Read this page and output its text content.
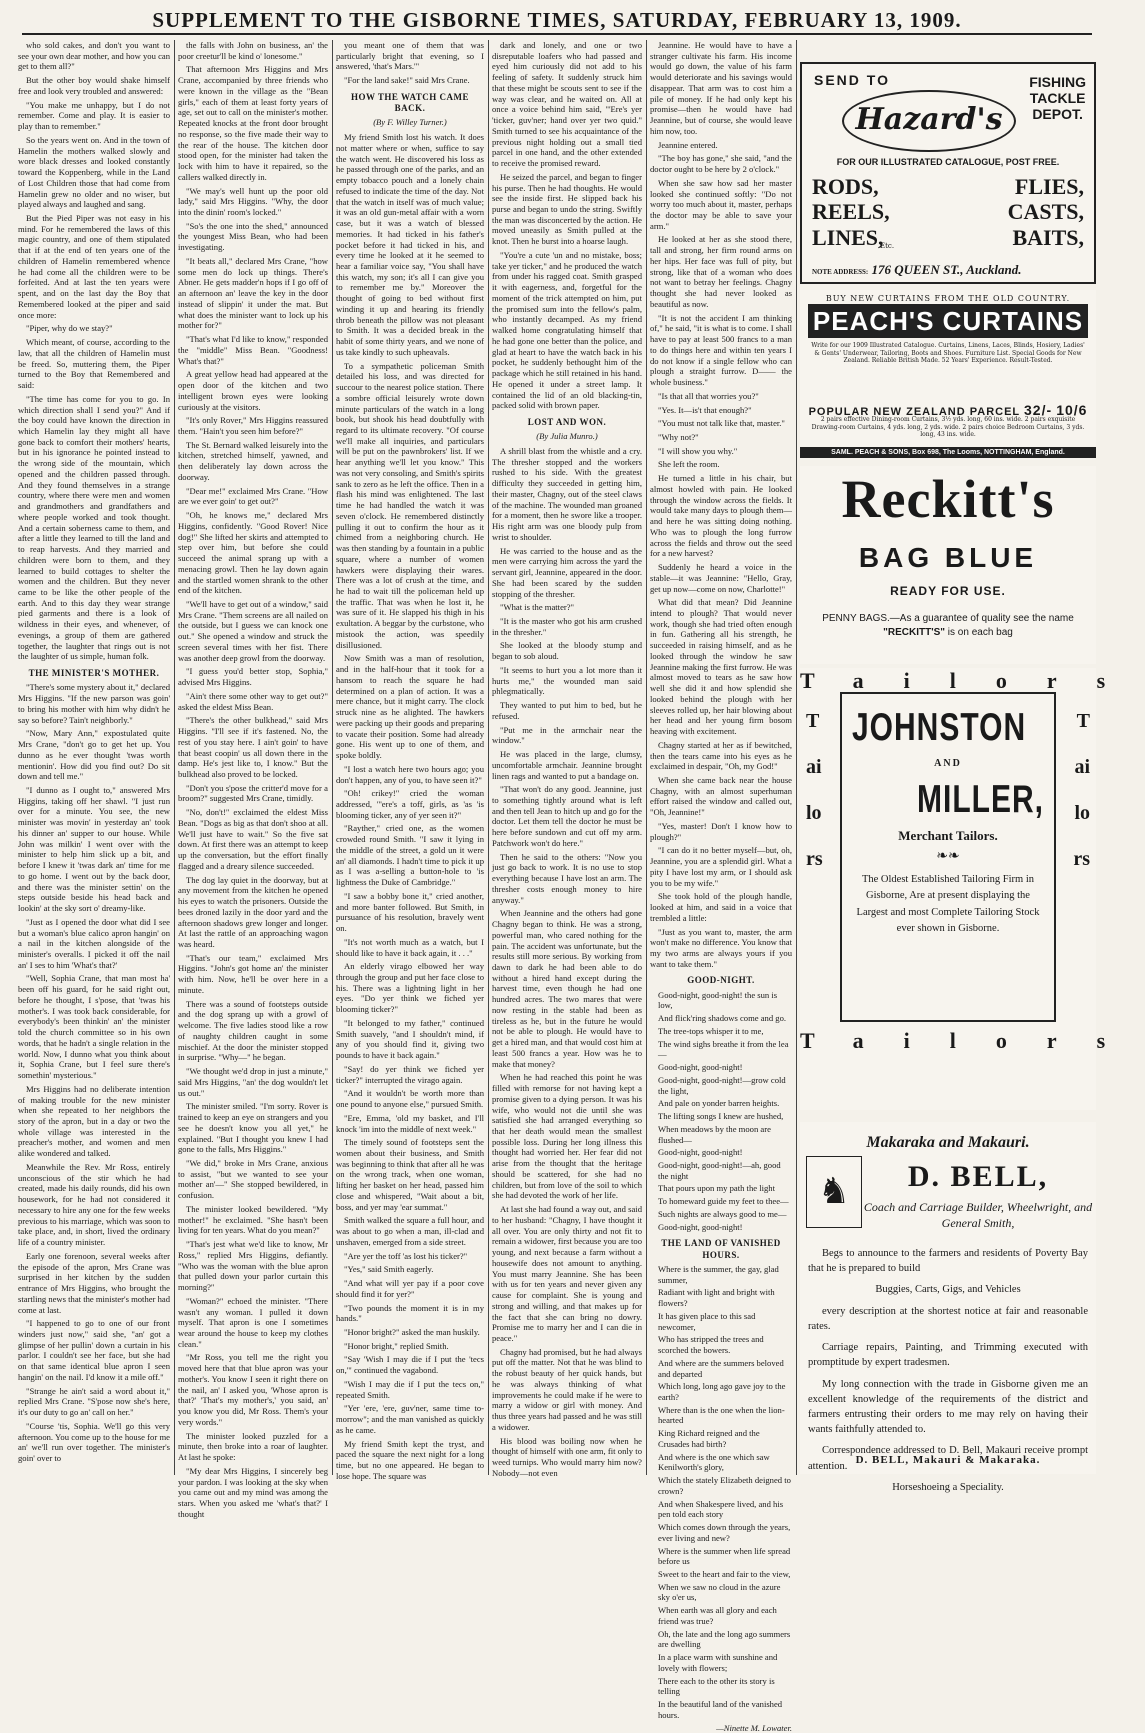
SUPPLEMENT TO THE GISBORNE TIMES, SATURDAY, FEBRUARY 13, 1909.

who sold cakes, and don't you want to see your own dear mother, and how you can get to them all?"

But the other boy would shake himself free and look very troubled and answered:

"You make me unhappy, but I do not remember. Come and play. It is easier to play than to remember."

So the years went on. And in the town of Hamelin the mothers walked slowly and wore black dresses and looked constantly toward the Koppenberg, while in the Land of Lost Children those that had come from Hamelin grew no older and no wiser, but played always and laughed and sang.

But the Pied Piper was not easy in his mind. For he remembered the laws of this magic country, and one of them stipulated that if at the end of ten years one of the children of Hamelin remembered whence he had come all the children were to be forfeited. And at last the ten years were spent, and on the last day the Boy that Remembered looked at the piper and said once more:

"Piper, why do we stay?"

Which meant, of course, according to the law, that all the children of Hamelin must be freed. So, muttering them, the Piper turned to the Boy that Remembered and said:

"The time has come for you to go. In which direction shall I send you?" And if the boy could have known the direction in which Hamelin lay they might all have gone back to comfort their mothers' hearts, but in his ignorance he pointed instead to the wrong side of the mountain, which opened and the children passed through. And they found themselves in a strange country, where there were men and women and grandmothers and grandfathers and where people worked and took thought. And a certain soberness came to them, and after a little they learned to till the land and to reap harvests. And they married and children were born to them, and they learned to build cottages to shelter the women and the children. But they never came to be like the other people of the earth. And to this day they wear strange pied garments and there is a look of wildness in their eyes, and whenever, of evenings, a group of them are gathered together, the laughter that rings out is not the laughter of us simple, human folk.

THE MINISTER'S MOTHER.

"There's some mystery about it," declared Mrs Higgins. "If the new parson was goin' to bring his mother with him why didn't he say so before? Tain't neighborly."

"Now, Mary Ann," expostulated quite Mrs Crane, "don't go to get het up. You dunno as he ever thought 'twas worth mentionin'. How did you find out? Do sit down and tell me."

"I dunno as I ought to," answered Mrs Higgins, taking off her shawl. "I just run over for a minute. You see, the new minister was movin' in yesterday an' took his dinner an' supper to our house. While John was milkin' I went over with the minister to help him slick up a bit, and before I knew it 'twas dark an' time for me to go home. I went out by the back door, and there was the minister settin' on the steps outside beside his head back and lookin' at the sky sort o' dreamy-like.

"Just as I opened the door what did I see but a woman's blue calico apron hangin' on a nail in the kitchen alongside of the minister's overalls. I picked it off the nail an' I ses to him 'What's that?'

"Well, Sophia Crane, that man most ha' been off his guard, for he said right out, before he thought, I s'pose, that 'twas his mother's. I was took back considerable, for everybody's been thinkin' an' the minister told the church committee so in his own words, that he hadn't a single relation in the world. Now, I dunno what you think about it, Sophia Crane, but I feel sure there's somethin' mysterious."

Mrs Higgins had no deliberate intention of making trouble for the new minister when she repeated to her neighbors the story of the apron, but in a day or two the whole village was interested in the preacher's mother, and women and men alike wondered and talked.

Meanwhile the Rev. Mr Ross, entirely unconscious of the stir which he had created, made his daily rounds, did his own housework, for he had not considered it necessary to hire any one for the few weeks previous to his marriage, which was soon to take place, and, in short, lived the ordinary life of a country minister.

Early one forenoon, several weeks after the episode of the apron, Mrs Crane was surprised in her kitchen by the sudden entrance of Mrs Higgins, who brought the startling news that the minister's mother had come at last.

"I happened to go to one of our front winders just now," said she, "an' got a glimpse of her pullin' down a curtain in his parlor. I couldn't see her face, but she had on that same identical blue apron I seen hangin' on the nail. I'd know it a mile off."

"Strange he ain't said a word about it," replied Mrs Crane. "S'pose now she's here, it's our duty to go an' call on her."

"Course 'tis, Sophia. We'll go this very afternoon. You come up to the house for me an' we'll run over together. The minister's goin' over to

the falls with John on business, an' the poor creetur'll be kind o' lonesome."

That afternoon Mrs Higgins and Mrs Crane, accompanied by three friends who were known in the village as the "Bean girls," each of them at least forty years of age, set out to call on the minister's mother. Repeated knocks at the front door brought no response, so the five made their way to the rear of the house. The kitchen door stood open, for the minister had taken the lock with him to have it repaired, so the callers walked directly in.

"We may's well hunt up the poor old lady," said Mrs Higgins. "Why, the door into the dinin' room's locked."

"So's the one into the shed," announced the youngest Miss Bean, who had been investigating.

"It beats all," declared Mrs Crane, "how some men do lock up things. There's Abner. He gets madder'n hops if I go off of an afternoon an' leave the key in the door instead of slippin' it under the mat. But what does the minister want to lock up his mother for?"

"That's what I'd like to know," responded the "middle" Miss Bean. "Goodness! What's that?"

A great yellow head had appeared at the open door of the kitchen and two intelligent brown eyes were looking curiously at the visitors.

"It's only Rover," Mrs Higgins reassured them. "Hain't you seen him before?"

The St. Bernard walked leisurely into the kitchen, stretched himself, yawned, and then deliberately lay down across the doorway.

"Dear me!" exclaimed Mrs Crane. "How are we ever goin' to get out?"

"Oh, he knows me," declared Mrs Higgins, confidently. "Good Rover! Nice dog!" She lifted her skirts and attempted to step over him, but before she could succeed the animal sprang up with a menacing growl. Then he lay down again and the startled women shrank to the other end of the kitchen.

"We'll have to get out of a window," said Mrs Crane. "Them screens are all nailed on the outside, but I guess we can knock one out." She opened a window and struck the screen several times with her fist. There was another deep growl from the doorway.

"I guess you'd better stop, Sophia," advised Mrs Higgins.

"Ain't there some other way to get out?" asked the eldest Miss Bean.

"There's the other bulkhead," said Mrs Higgins. "I'll see if it's fastened. No, the rest of you stay here. I ain't goin' to have that beast coopin' us all down there in the damp. He's jest like to, I know." But the bulkhead also proved to be locked.

"Don't you s'pose the critter'd move for a broom?" suggested Mrs Crane, timidly.

"No, don't!" exclaimed the eldest Miss Bean. "Dogs as big as that don't shoo at all. We'll just have to wait." So the five sat down. At first there was an attempt to keep up the conversation, but the effort finally flagged and a dreary silence succeeded.

The dog lay quiet in the doorway, but at any movement from the kitchen he opened his eyes to watch the prisoners. Outside the bees droned lazily in the door yard and the afternoon shadows grew longer and longer. At last the rattle of an approaching wagon was heard.

"That's our team," exclaimed Mrs Higgins. "John's got home an' the minister with him. Now, he'll be over here in a minute.

There was a sound of footsteps outside and the dog sprang up with a growl of welcome. The five ladies stood like a row of naughty children caught in some mischief. At the door the minister stopped in surprise. "Why—" he began.

"We thought we'd drop in just a minute," said Mrs Higgins, "an' the dog wouldn't let us out."

The minister smiled. "I'm sorry. Rover is trained to keep an eye on strangers and you see he doesn't know you all yet," he explained. "But I thought you knew I had gone to the falls, Mrs Higgins."

"We did," broke in Mrs Crane, anxious to assist, "but we wanted to see your mother an'—" She stopped bewildered, in confusion.

The minister looked bewildered. "My mother!" he exclaimed. "She hasn't been living for ten years. What do you mean?"

"That's jest what we'd like to know, Mr Ross," replied Mrs Higgins, defiantly. "Who was the woman with the blue apron that pulled down your parlor curtain this morning?"

"Woman?" echoed the minister. "There wasn't any woman. I pulled it down myself. That apron is one I sometimes wear around the house to keep my clothes clean."

"Mr Ross, you tell me the right you moved here that that blue apron was your mother's. You know I seen it right there on the nail, an' I asked you, 'Whose apron is that?' 'That's my mother's,' you said, an' you know you did, Mr Ross. Them's your very words."

The minister looked puzzled for a minute, then broke into a roar of laughter. At last he spoke:

"My dear Mrs Higgins, I sincerely beg your pardon. I was looking at the sky when you came out and my mind was among the stars. When you asked me 'what's that?' I thought

you meant one of them that was particularly bright that evening, so I answered, 'that's Mars.'"

"For the land sake!" said Mrs Crane.

HOW THE WATCH CAME BACK.

(By F. Willey Turner.)

My friend Smith lost his watch. It does not matter where or when, suffice to say the watch went. He discovered his loss as he passed through one of the parks, and an empty tobacco pouch and a lonely chain refused to indicate the time of the day. Not that the watch in itself was of much value; it was an old gun-metal affair with a worn case, but it was a watch of blessed memories. It had ticked in his father's pocket before it had ticked in his, and every time he looked at it he seemed to hear a familiar voice say, "You shall have this watch, my son; it's all I can give you to remember me by." Moreover the thought of going to bed without first winding it up and hearing its friendly throb beneath the pillow was not pleasant to Smith. It was a decided break in the habit of some thirty years, and we none of us take kindly to such upheavals.

To a sympathetic policeman Smith detailed his loss, and was directed for succour to the nearest police station. There a sombre official leisurely wrote down minute particulars of the watch in a long book, but shook his head doubtfully with regard to its ultimate recovery. "Of course we'll make all inquiries, and particulars will be put on the pawnbrokers' list. If we hear anything we'll let you know." This was not very consoling, and Smith's spirits sank to zero as he left the office. Then in a flash his mind was enlightened. The last time he had handled the watch it was seven o'clock. He remembered distinctly pulling it out to confirm the hour as it chimed from a neighboring church. He was then standing by a fountain in a public square, where a number of women hawkers were displaying their wares. There was a lot of crush at the time, and he had to wait till the policeman held up the traffic. That was when he lost it, he was sure of it. He slapped his thigh in his exultation. A beggar by the curbstone, who mistook the action, was speedily disillusioned.

Now Smith was a man of resolution, and in the half-hour that it took for a hansom to reach the square he had determined on a plan of action. It was a mere chance, but it might carry. The clock struck nine as he alighted. The hawkers were packing up their goods and preparing to vacate their position. Some had already gone. His went up to one of them, and spoke boldly.

"I lost a watch here two hours ago; you don't happen, any of you, to have seen it?"

"Oh! crikey!" cried the woman addressed, "'ere's a toff, girls, as 'as 'is blooming ticker, any of yer seen it?"

"Rayther," cried one, as the women crowded round Smith. "I saw it lying in the middle of the street, a gold un it were an' all diamonds. I hadn't time to pick it up as I was a-selling a button-hole to 'is lightness the Duke of Cambridge."

"I saw a bobby bone it," cried another, and more banter followed. But Smith, in pursuance of his resolution, bravely went on.

"It's not worth much as a watch, but I should like to have it back again, it . . ."

An elderly virago elbowed her way through the group and put her face close to his. There was a lightning light in her eyes. "Do yer think we fiched yer blooming ticker?"

"It belonged to my father," continued Smith suavely, "and I shouldn't mind, if any of you should find it, giving two pounds to have it back again."

"Say! do yer think we fiched yer ticker?" interrupted the virago again.

"And it wouldn't be worth more than one pound to anyone else," pursued Smith.

"Ere, Emma, 'old my basket, and I'll knock 'im into the middle of next week."

The timely sound of footsteps sent the women about their business, and Smith was beginning to think that after all he was on the wrong track, when one woman, lifting her basket on her head, passed him close and whispered, "Wait about a bit, boss, and yer may 'ear summat."

Smith walked the square a full hour, and was about to go when a man, ill-clad and unshaven, emerged from a side street.

"Are yer the toff 'as lost his ticker?"

"Yes," said Smith eagerly.

"And what will yer pay if a poor cove should find it for yer?"

"Two pounds the moment it is in my hands."

"Honor bright?" asked the man huskily.

"Honor bright," replied Smith.

"Say 'Wish I may die if I put the 'tecs on,'" continued the vagabond.

"Wish I may die if I put the tecs on," repeated Smith.

"Yer 'ere, 'ere, guv'ner, same time to-morrow"; and the man vanished as quickly as he came.

My friend Smith kept the tryst, and paced the square the next night for a long time, but no one appeared. He began to lose hope. The square was

dark and lonely, and one or two disreputable loafers who had passed and eyed him curiously did not add to his feeling of safety. It suddenly struck him that these might be scouts sent to see if the way was clear, and he waited on. All at once a voice behind him said, "'Ere's yer 'ticker, guv'ner; hand over yer two quid." Smith turned to see his acquaintance of the previous night holding out a small tied parcel in one hand, and the other extended to receive the promised reward.

He seized the parcel, and began to finger his purse. Then he had thoughts. He would see the inside first. He slipped back his purse and began to undo the string. Swiftly the man was disconcerted by the action. He moved uneasily as Smith pulled at the knot. Then he burst into a hoarse laugh.

"You're a cute 'un and no mistake, boss; take yer ticker," and he produced the watch from under his ragged coat. Smith grasped it with eagerness, and, forgetful for the moment of the trick attempted on him, put the promised sum into the fellow's palm, who instantly decamped. As my friend walked home congratulating himself that he had gone one better than the police, and glad at heart to have the watch back in his pocket, he suddenly bethought him of the package which he still retained in his hand. He opened it under a street lamp. It contained the lid of an old blacking-tin, packed solid with brown paper.

LOST AND WON.

(By Julia Munro.)

A shrill blast from the whistle and a cry. The thresher stopped and the workers rushed to his side. With the greatest difficulty they succeeded in getting him, their master, Chagny, out of the steel claws of the machine. The wounded man groaned for a moment, then he swore like a trooper. His right arm was one bloody pulp from wrist to shoulder.

He was carried to the house and as the men were carrying him across the yard the servant girl, Jeannine, appeared in the door. She had been scared by the sudden stopping of the thresher.

"What is the matter?"

"It is the master who got his arm crushed in the thresher."

She looked at the bloody stump and began to sob aloud.

"It seems to hurt you a lot more than it hurts me," the wounded man said phlegmatically.

They wanted to put him to bed, but he refused.

"Put me in the armchair near the window."

He was placed in the large, clumsy, uncomfortable armchair. Jeannine brought linen rags and wanted to put a bandage on.

"That won't do any good. Jeannine, just to something tightly around what is left and then tell Jean to hitch up and go for the doctor. Let them tell the doctor he must be here before sundown and cut off my arm. Patchwork won't do here."

Then he said to the others: "Now you just go back to work. It is no use to stop everything because I have lost an arm. The thresher costs enough money to hire anyway."

When Jeannine and the others had gone Chagny began to think. He was a strong, powerful man, who cared nothing for the pain. The accident was unfortunate, but the results still more serious. By working from dawn to dark he had been able to do without a hired hand except during the harvest time, even though he had one hundred acres. The two mares that were now resting in the stable had been as tireless as he, but in the future he would not be able to plough. He would have to get a hired man, and that would cost him at least 500 francs a year. How was he to make that money?

When he had reached this point he was filled with remorse for not having kept a promise given to a dying person. It was his wife, who would not die until she was satisfied she had arranged everything so that her death would mean the smallest possible loss. During her long illness this thought had worried her. Her fear did not arise from the thought that the heritage should be scattered, for she had no children, but from love of the soil to which she had devoted the work of her life.

At last she had found a way out, and said to her husband: "Chagny, I have thought it all over. You are only thirty and not fit to remain a widower, first because you are too young, and next because a farm without a housewife does not amount to anything. You must marry Jeannine. She has been with us for ten years and never given any cause for complaint. She is young and strong and willing, and that makes up for the fact that she can bring no dowry. Promise me to marry her and I can die in peace."

Chagny had promised, but he had always put off the matter. Not that he was blind to the robust beauty of her quick hands, but he was always thinking of what improvements he could make if he were to marry a widow or girl with money. And thus three years had passed and he was still a widower.

His blood was boiling now when he thought of himself with one arm, fit only to weed turnips. Who would marry him now? Nobody—not even

Jeannine. He would have to have a stranger cultivate his farm. His income would go down, the value of his farm would deteriorate and his savings would disappear. That arm was to cost him a pile of money. If he had only kept his promise—then he would have had Jeannine, but of course, she would leave him now, too.

Jeannine entered.

"The boy has gone," she said, "and the doctor ought to be here by 2 o'clock."

When she saw how sad her master looked she continued softly: "Do not worry too much about it, master, perhaps the doctor may be able to save your arm."

He looked at her as she stood there, tall and strong, her firm round arms on her hips. Her face was full of pity, but strong, like that of a woman who does not want to betray her feelings. Chagny thought she had never looked as beautiful as now.

"It is not the accident I am thinking of," he said, "it is what is to come. I shall have to pay at least 500 francs to a man to do things here and within ten years I do not know if a single fellow who can plough a straight furrow. D—— the whole business."

"Is that all that worries you?"

"Yes. It—is't that enough?"

"You must not talk like that, master."

"Why not?"

"I will show you why."

She left the room.

He turned a little in his chair, but almost howled with pain. He looked through the window across the fields. It would take many days to plough them—and here he was sitting doing nothing. Who was to plough the long furrow across the fields and throw out the seed for a new harvest?

Suddenly he heard a voice in the stable—it was Jeannine: "Hello, Gray, get up now—come on now, Charlotte!"

What did that mean? Did Jeannine intend to plough? That would never work, though she had tried often enough in fun. Gathering all his strength, he succeeded in raising himself, and as he looked through the window he saw Jeannine making the first furrow. He was almost moved to tears as he saw how well she did it and how splendid she looked behind the plough with her sleeves rolled up, her hair blowing about her head and her young firm bosom heaving with excitement.

Chagny started at her as if bewitched, then the tears came into his eyes as he exclaimed in despair, "Oh, my God!"

When she came back near the house Chagny, with an almost superhuman effort raised the window and called out, "Oh, Jeannine!"

"Yes, master! Don't I know how to plough?"

"I can do it no better myself—but, oh, Jeannine, you are a splendid girl. What a pity I have lost my arm, or I should ask you to be my wife."

She took hold of the plough handle, looked at him, and said in a voice that trembled a little:

"Just as you want to, master, the arm won't make no difference. You know that my two arms are always yours if you want to take them."

GOOD-NIGHT.

Good-night, good-night! the sun is low,

And flick'ring shadows come and go.

The tree-tops whisper it to me,

The wind sighs breathe it from the lea—

Good-night, good-night!

Good-night, good-night!—grow cold the light,

And pale on yonder barren heights.

The lifting songs I knew are hushed,

When meadows by the moon are flushed—

Good-night, good-night!

Good-night, good-night!—ah, good the night

That pours upon my path the light

To homeward guide my feet to thee—

Such nights are always good to me—

Good-night, good-night!

THE LAND OF VANISHED HOURS.

Where is the summer, the gay, glad summer,

Radiant with light and bright with flowers?

It has given place to this sad newcomer,

Who has stripped the trees and scorched the bowers.

And where are the summers beloved and departed

Which long, long ago gave joy to the earth?

Where than is the one when the lion-hearted

King Richard reigned and the Crusades had birth?

And where is the one which saw Kenilworth's glory,

Which the stately Elizabeth deigned to crown?

And when Shakespere lived, and his pen told each story

Which comes down through the years, ever living and new?

Where is the summer when life spread before us

Sweet to the heart and fair to the view,

When we saw no cloud in the azure sky o'er us,

When earth was all glory and each friend was true?

Oh, the late and the long ago summers are dwelling

In a place warm with sunshine and lovely with flowers;

There each to the other its story is telling

In the beautiful land of the vanished hours.

—Ninette M. Lowater.

SEND TO
Hazard's
FISHING
TACKLE
DEPOT.
FOR OUR ILLUSTRATED CATALOGUE, POST FREE.
RODS,
REELS,
LINES,
Etc.
FLIES,
CASTS,
BAITS,
NOTE ADDRESS: 176 QUEEN ST., Auckland.
BUY NEW CURTAINS FROM THE OLD COUNTRY.
PEACH'S CURTAINS
Write for our 1909 Illustrated Catalogue. Curtains, Linens, Laces, Blinds, Hosiery, Ladies' & Gents' Underwear, Tailoring, Boots and Shoes. Furniture List. Special Goods for New Zealand. Reliable British Made. 52 Years' Experience. Result-Tested.
POPULAR NEW ZEALAND PARCEL 32/- 10/6
2 pairs effective Dining-room Curtains, 3½ yds. long, 60 ins. wide. 2 pairs exquisite Drawing-room Curtains, 4 yds. long, 2 yds. wide. 2 pairs choice Bedroom Curtains, 3 yds. long, 43 ins. wide.
SAML. PEACH & SONS, Box 698, The Looms, NOTTINGHAM, England.
Reckitt's
BAG BLUE
READY FOR USE.
PENNY BAGS.—As a guarantee of quality see the name "RECKITT'S" is on each bag
Tailors
Tailors
Tailors
Tailors
JOHNSTON
AND
MILLER,
Merchant Tailors.
❧❧
The Oldest Established Tailoring Firm in Gisborne, Are at present displaying the Largest and most Complete Tailoring Stock ever shown in Gisborne.
Makaraka and Makauri.
♞	D. BELL,
Coach and Carriage Builder, Wheelwright, and General Smith,

Begs to announce to the farmers and residents of Poverty Bay that he is prepared to build

Buggies, Carts, Gigs, and Vehicles

every description at the shortest notice at fair and reasonable rates.

Carriage repairs, Painting, and Trimming executed with promptitude by expert tradesmen.

My long connection with the trade in Gisborne given me an excellent knowledge of the requirements of the district and farmers entrusting their orders to me may rely on having their wants faithfully attended to.

Correspondence addressed to D. Bell, Makauri receive prompt attention.

Horseshoeing a Speciality.

D. BELL, Makauri & Makaraka.
